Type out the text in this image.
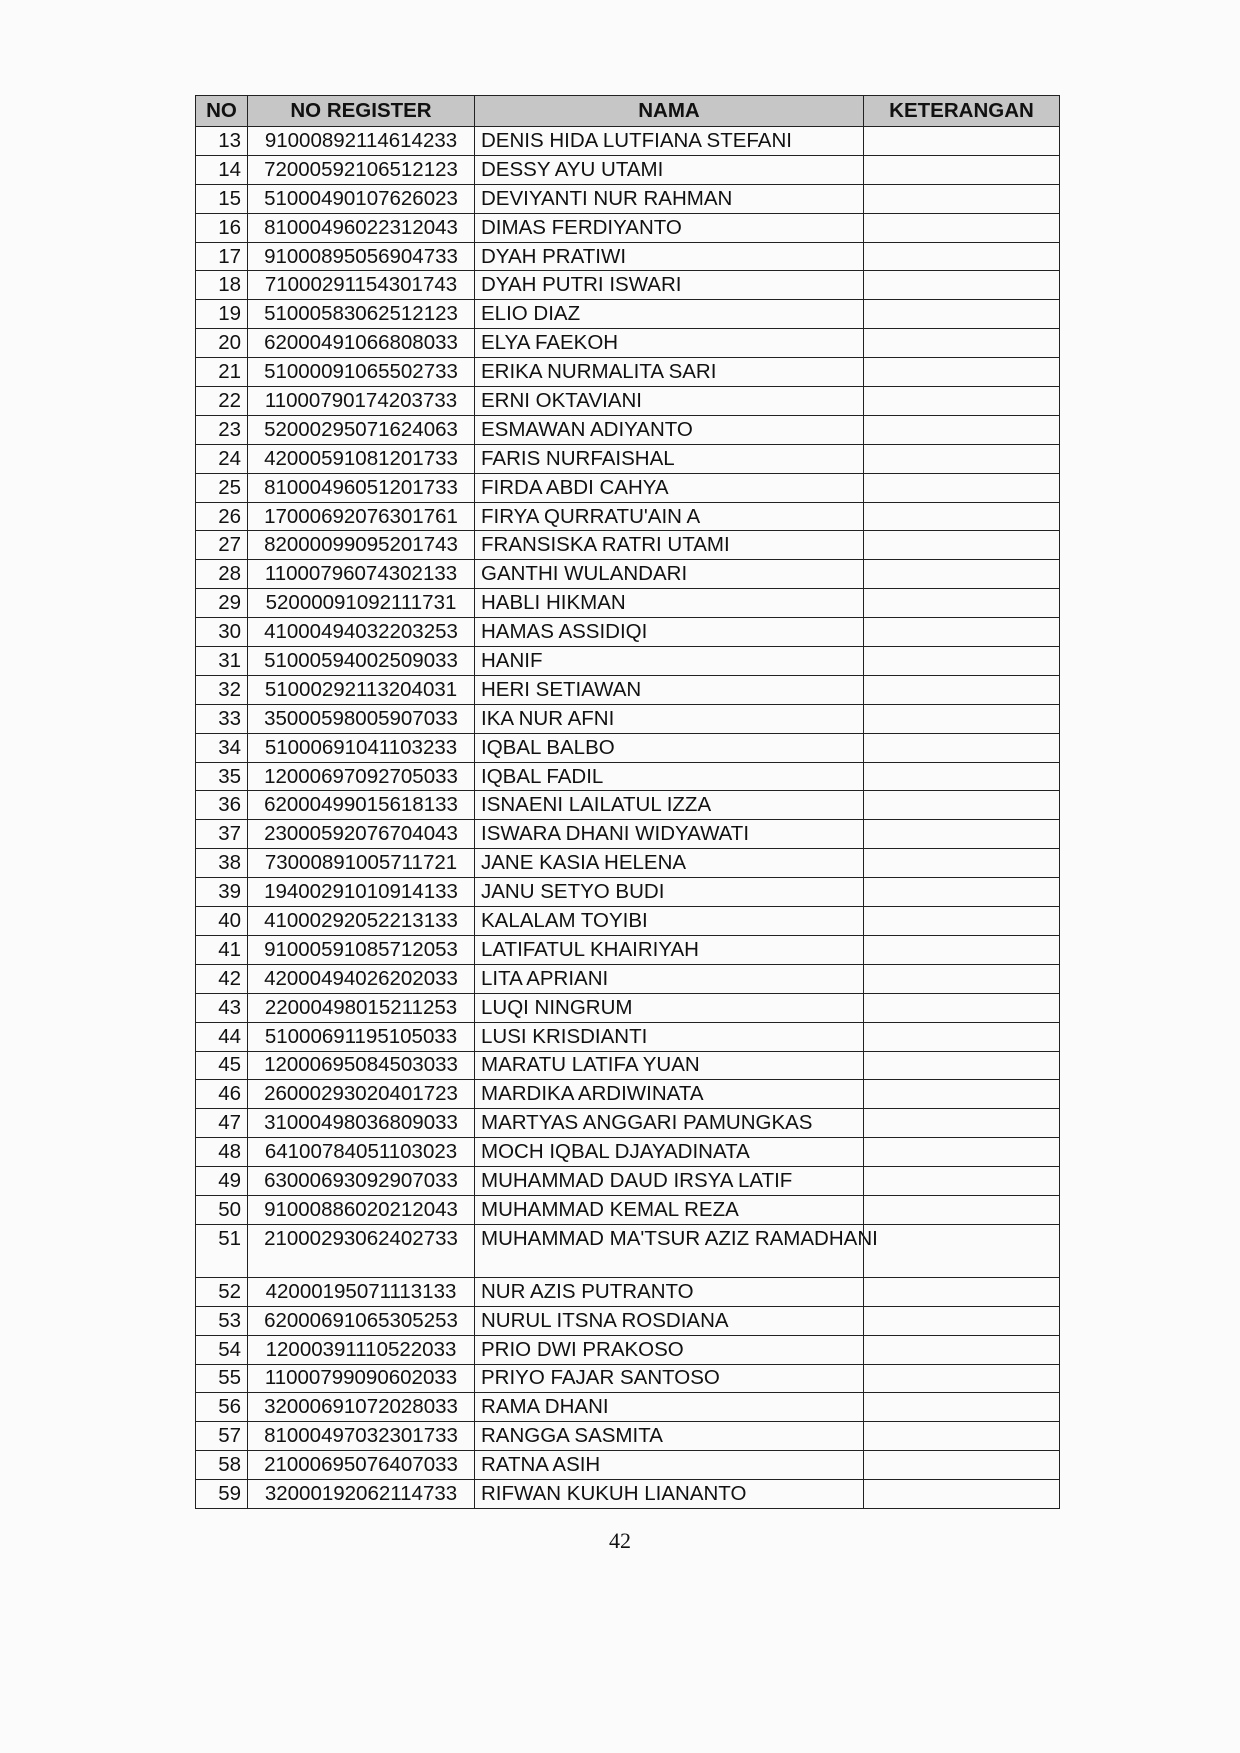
NO	NO REGISTER	NAMA	KETERANGAN
13	91000892114614233	DENIS HIDA LUTFIANA STEFANI	
14	72000592106512123	DESSY AYU UTAMI	
15	51000490107626023	DEVIYANTI NUR RAHMAN	
16	81000496022312043	DIMAS FERDIYANTO	
17	91000895056904733	DYAH PRATIWI	
18	71000291154301743	DYAH PUTRI ISWARI	
19	51000583062512123	ELIO DIAZ	
20	62000491066808033	ELYA FAEKOH	
21	51000091065502733	ERIKA NURMALITA SARI	
22	11000790174203733	ERNI OKTAVIANI	
23	52000295071624063	ESMAWAN ADIYANTO	
24	42000591081201733	FARIS NURFAISHAL	
25	81000496051201733	FIRDA ABDI CAHYA	
26	17000692076301761	FIRYA QURRATU'AIN A	
27	82000099095201743	FRANSISKA RATRI UTAMI	
28	11000796074302133	GANTHI WULANDARI	
29	52000091092111731	HABLI HIKMAN	
30	41000494032203253	HAMAS ASSIDIQI	
31	51000594002509033	HANIF	
32	51000292113204031	HERI SETIAWAN	
33	35000598005907033	IKA NUR AFNI	
34	51000691041103233	IQBAL BALBO	
35	12000697092705033	IQBAL FADIL	
36	62000499015618133	ISNAENI LAILATUL IZZA	
37	23000592076704043	ISWARA DHANI WIDYAWATI	
38	73000891005711721	JANE KASIA HELENA	
39	19400291010914133	JANU SETYO BUDI	
40	41000292052213133	KALALAM TOYIBI	
41	91000591085712053	LATIFATUL KHAIRIYAH	
42	42000494026202033	LITA APRIANI	
43	22000498015211253	LUQI NINGRUM	
44	51000691195105033	LUSI KRISDIANTI	
45	12000695084503033	MARATU LATIFA YUAN	
46	26000293020401723	MARDIKA ARDIWINATA	
47	31000498036809033	MARTYAS ANGGARI PAMUNGKAS	
48	64100784051103023	MOCH IQBAL DJAYADINATA	
49	63000693092907033	MUHAMMAD DAUD IRSYA LATIF	
50	91000886020212043	MUHAMMAD KEMAL REZA	
51	21000293062402733	MUHAMMAD MA'TSUR AZIZ RAMADHANI	
52	42000195071113133	NUR AZIS PUTRANTO	
53	62000691065305253	NURUL ITSNA ROSDIANA	
54	12000391110522033	PRIO DWI PRAKOSO	
55	11000799090602033	PRIYO FAJAR SANTOSO	
56	32000691072028033	RAMA DHANI	
57	81000497032301733	RANGGA SASMITA	
58	21000695076407033	RATNA ASIH	
59	32000192062114733	RIFWAN KUKUH LIANANTO	
42
